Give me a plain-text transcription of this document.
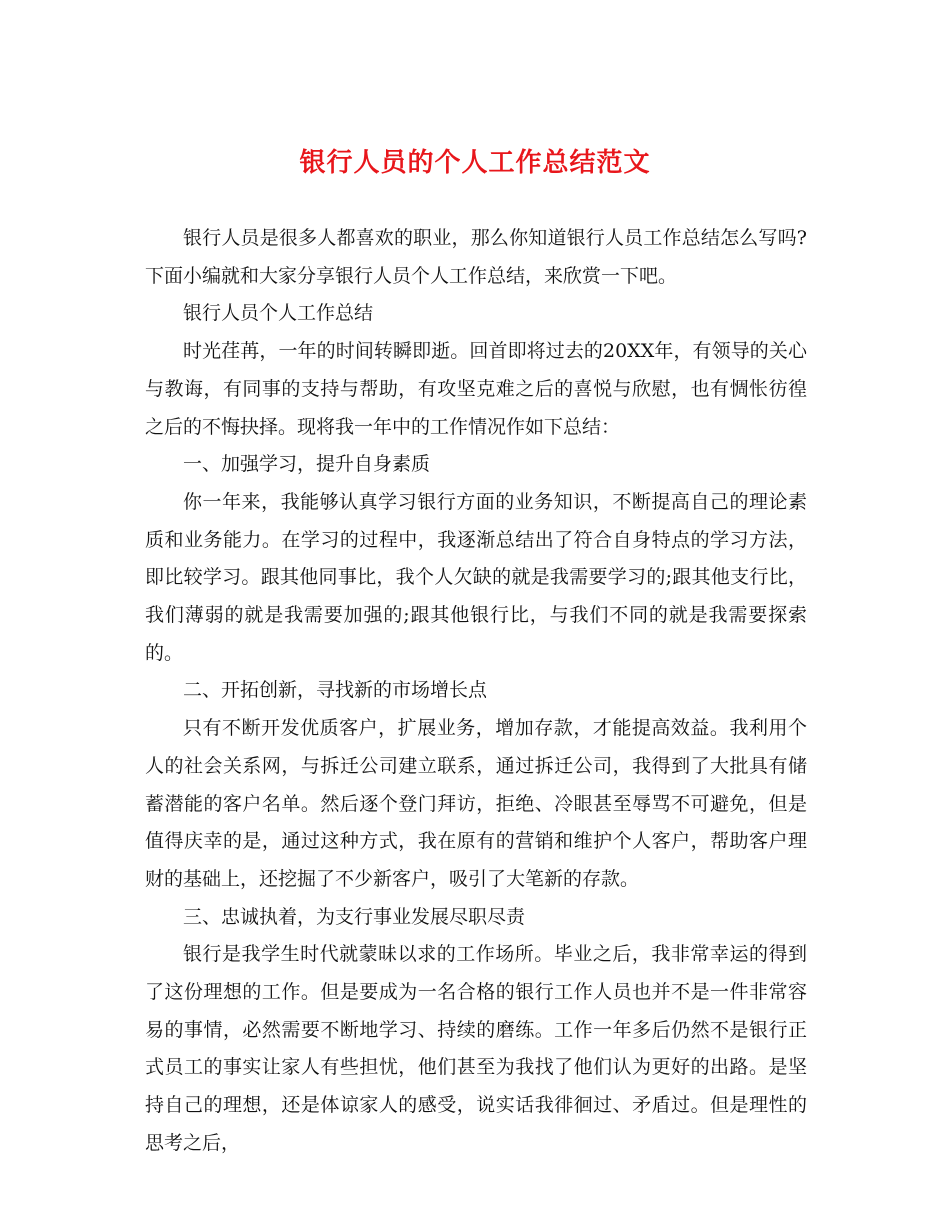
银行人员的个人工作总结范文

银行人员是很多人都喜欢的职业，那么你知道银行人员工作总结怎么写吗?下面小编就和大家分享银行人员个人工作总结，来欣赏一下吧。

银行人员个人工作总结

时光荏苒，一年的时间转瞬即逝。回首即将过去的20XX年，有领导的关心与教诲，有同事的支持与帮助，有攻坚克难之后的喜悦与欣慰，也有惆怅彷徨之后的不悔抉择。现将我一年中的工作情况作如下总结：

一、加强学习，提升自身素质

你一年来，我能够认真学习银行方面的业务知识，不断提高自己的理论素质和业务能力。在学习的过程中，我逐渐总结出了符合自身特点的学习方法，即比较学习。跟其他同事比，我个人欠缺的就是我需要学习的;跟其他支行比，我们薄弱的就是我需要加强的;跟其他银行比，与我们不同的就是我需要探索的。

二、开拓创新，寻找新的市场增长点

只有不断开发优质客户，扩展业务，增加存款，才能提高效益。我利用个人的社会关系网，与拆迁公司建立联系，通过拆迁公司，我得到了大批具有储蓄潜能的客户名单。然后逐个登门拜访，拒绝、冷眼甚至辱骂不可避免，但是值得庆幸的是，通过这种方式，我在原有的营销和维护个人客户，帮助客户理财的基础上，还挖掘了不少新客户，吸引了大笔新的存款。

三、忠诚执着，为支行事业发展尽职尽责

银行是我学生时代就蒙昧以求的工作场所。毕业之后，我非常幸运的得到了这份理想的工作。但是要成为一名合格的银行工作人员也并不是一件非常容易的事情，必然需要不断地学习、持续的磨练。工作一年多后仍然不是银行正式员工的事实让家人有些担忧，他们甚至为我找了他们认为更好的出路。是坚持自己的理想，还是体谅家人的感受，说实话我徘徊过、矛盾过。但是理性的思考之后，
